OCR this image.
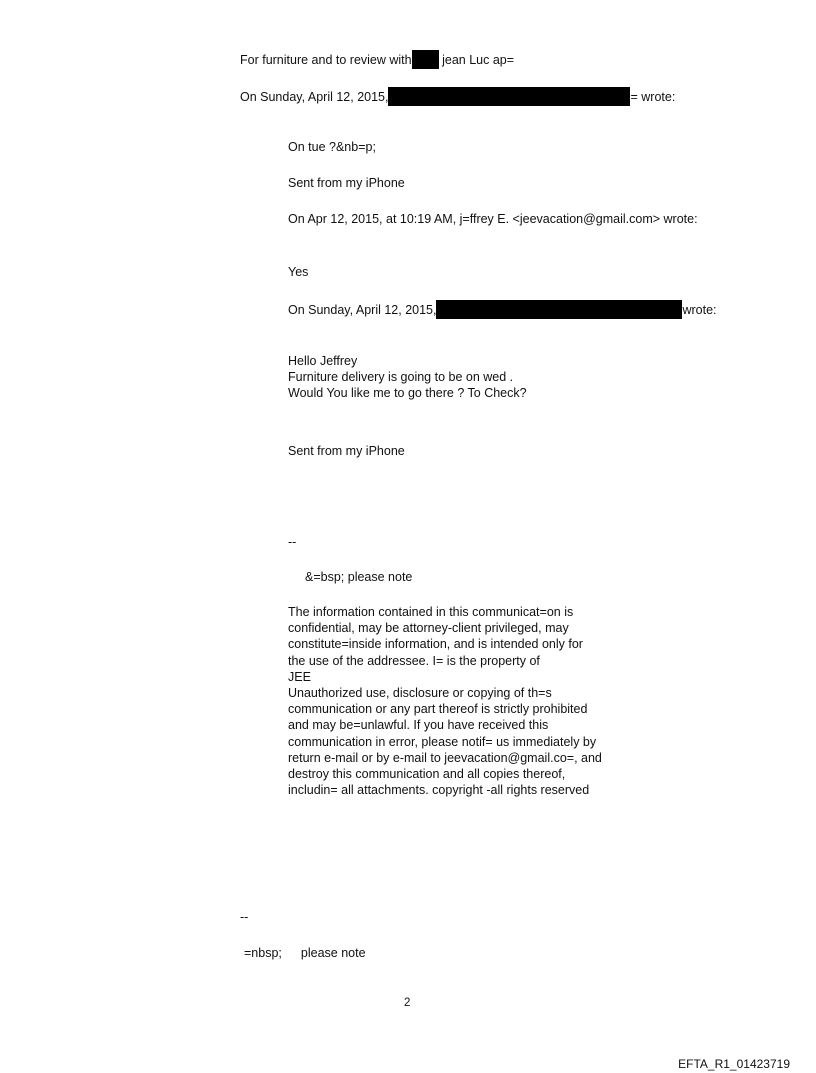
For furniture and to review with jean Luc ap=
On Sunday, April 12, 2015,	= wrote:
On tue ?&nb=p;
Sent from my iPhone
On Apr 12, 2015, at 10:19 AM, j=ffrey E. <jeevacation@gmail.com> wrote:
Yes
On Sunday, April 12, 2015,	wrote:
Hello Jeffrey
Furniture delivery is going to be on wed .
Would You like me to go there ? To Check?
Sent from my iPhone
--
&=bsp; please note
The information contained in this communicat=on is
confidential, may be attorney-client privileged, may
constitute=inside information, and is intended only for
the use of the addressee. I= is the property of
JEE
Unauthorized use, disclosure or copying of th=s
communication or any part thereof is strictly prohibited
and may be=unlawful. If you have received this
communication in error, please notif= us immediately by
return e-mail or by e-mail to jeevacation@gmail.co=, and
destroy this communication and all copies thereof,
includin= all attachments. copyright -all rights reserved
--
=nbsp; please note
2
EFTA_R1_01423719
